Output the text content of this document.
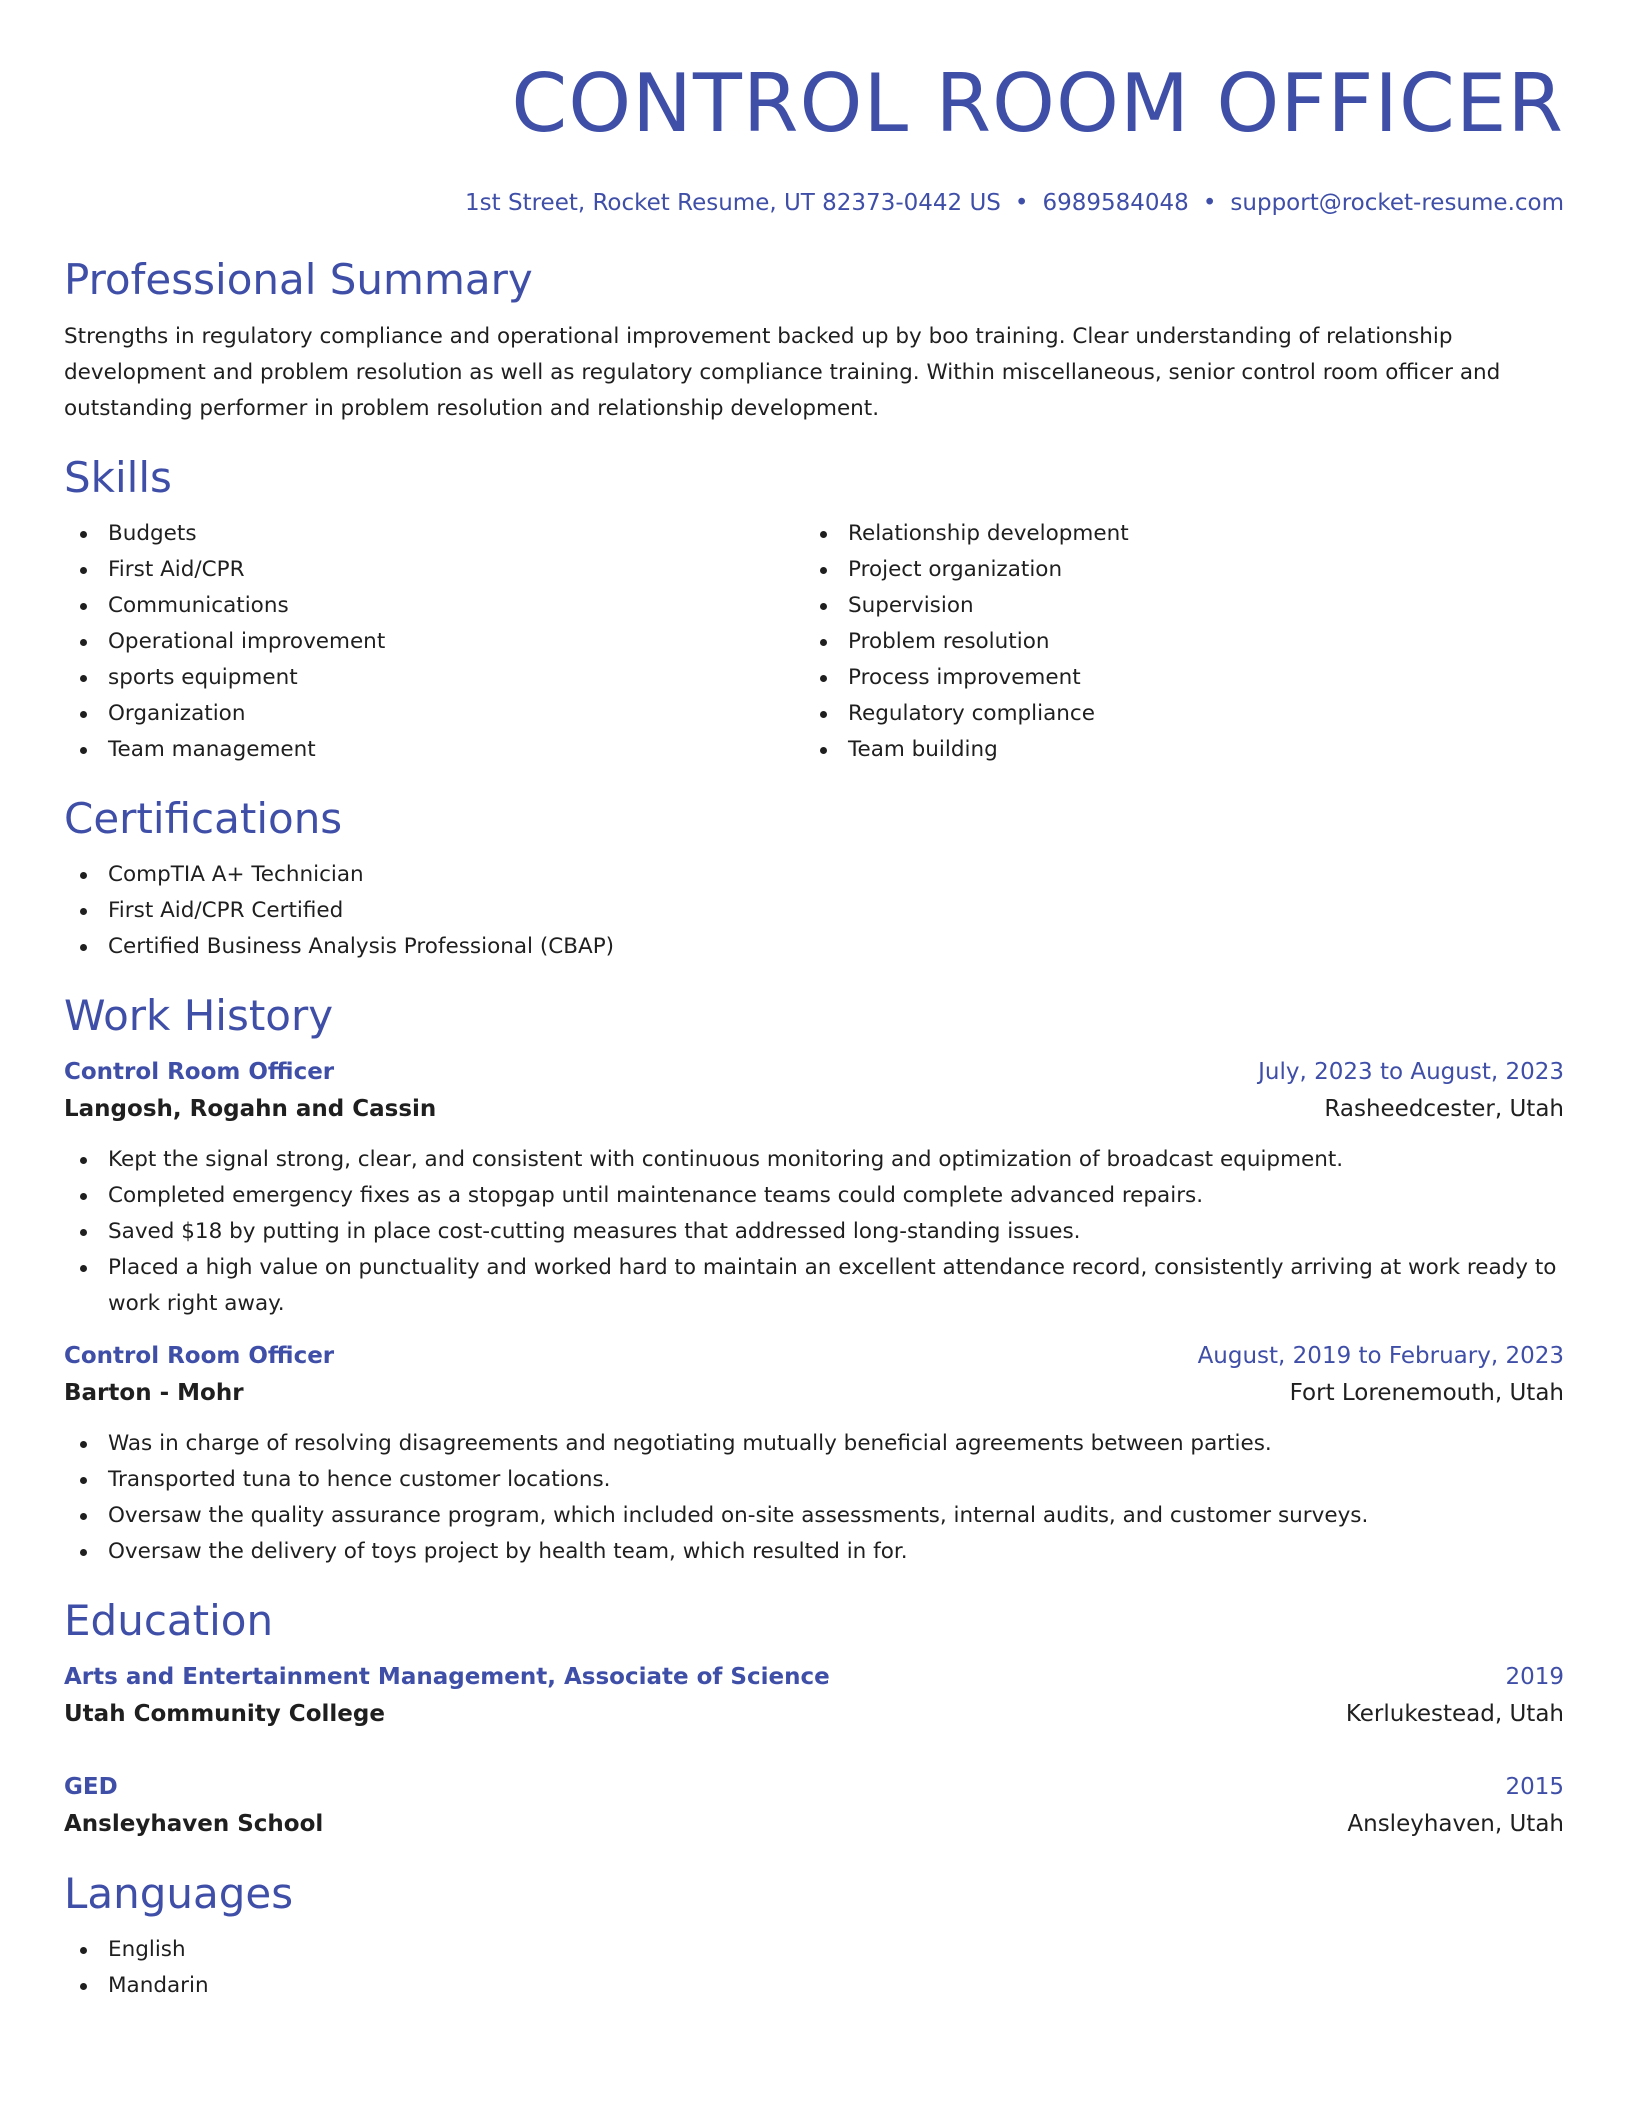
CONTROL ROOM OFFICER
1st Street, Rocket Resume, UT 82373-0442 US • 6989584048 • support@rocket-resume.com
Professional Summary

Strengths in regulatory compliance and operational improvement backed up by boo training. Clear understanding of relationship development and problem resolution as well as regulatory compliance training. Within miscellaneous, senior control room officer and outstanding performer in problem resolution and relationship development.

Skills
Budgets
First Aid/CPR
Communications
Operational improvement
sports equipment
Organization
Team management
Relationship development
Project organization
Supervision
Problem resolution
Process improvement
Regulatory compliance
Team building
Certifications
CompTIA A+ Technician
First Aid/CPR Certified
Certified Business Analysis Professional (CBAP)
Work History
Control Room Officer	July, 2023 to August, 2023
Langosh, Rogahn and Cassin	Rasheedcester, Utah
Kept the signal strong, clear, and consistent with continuous monitoring and optimization of broadcast equipment.
Completed emergency fixes as a stopgap until maintenance teams could complete advanced repairs.
Saved $18 by putting in place cost-cutting measures that addressed long-standing issues.
Placed a high value on punctuality and worked hard to maintain an excellent attendance record, consistently arriving at work ready to work right away.
Control Room Officer	August, 2019 to February, 2023
Barton - Mohr	Fort Lorenemouth, Utah
Was in charge of resolving disagreements and negotiating mutually beneficial agreements between parties.
Transported tuna to hence customer locations.
Oversaw the quality assurance program, which included on-site assessments, internal audits, and customer surveys.
Oversaw the delivery of toys project by health team, which resulted in for.
Education
Arts and Entertainment Management, Associate of Science	2019
Utah Community College	Kerlukestead, Utah
GED	2015
Ansleyhaven School	Ansleyhaven, Utah
Languages
English
Mandarin
